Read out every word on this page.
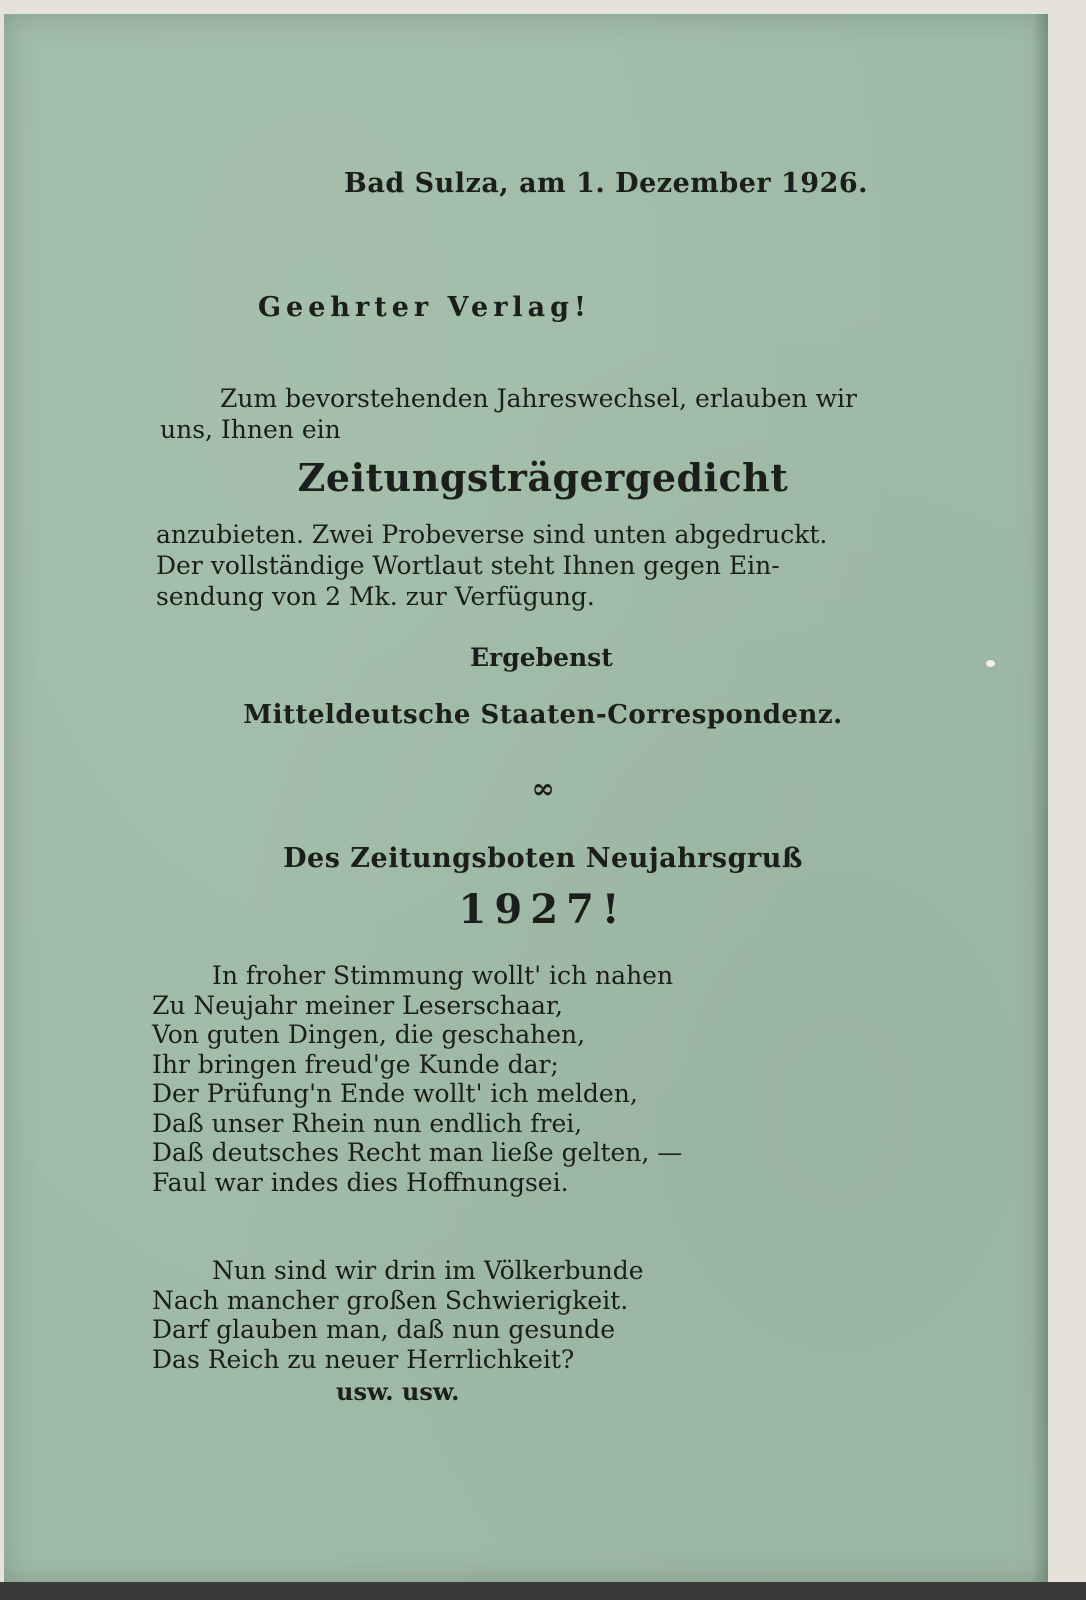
Bad Sulza, am 1. Dezember 1926.
Geehrter Verlag!
Zum bevorstehenden Jahreswechsel, erlauben wir
uns, Ihnen ein
Zeitungsträgergedicht
anzubieten. Zwei Probeverse sind unten abgedruckt.
Der vollständige Wortlaut steht Ihnen gegen Ein-
sendung von 2 Mk. zur Verfügung.
Ergebenst
Mitteldeutsche Staaten-Correspondenz.
∞
Des Zeitungsboten Neujahrsgruß
1927!
In froher Stimmung wollt' ich nahen
Zu Neujahr meiner Leserschaar,
Von guten Dingen, die geschahen,
Ihr bringen freud'ge Kunde dar;
Der Prüfung'n Ende wollt' ich melden,
Daß unser Rhein nun endlich frei,
Daß deutsches Recht man ließe gelten, —
Faul war indes dies Hoffnungsei.
Nun sind wir drin im Völkerbunde
Nach mancher großen Schwierigkeit.
Darf glauben man, daß nun gesunde
Das Reich zu neuer Herrlichkeit?
usw. usw.
